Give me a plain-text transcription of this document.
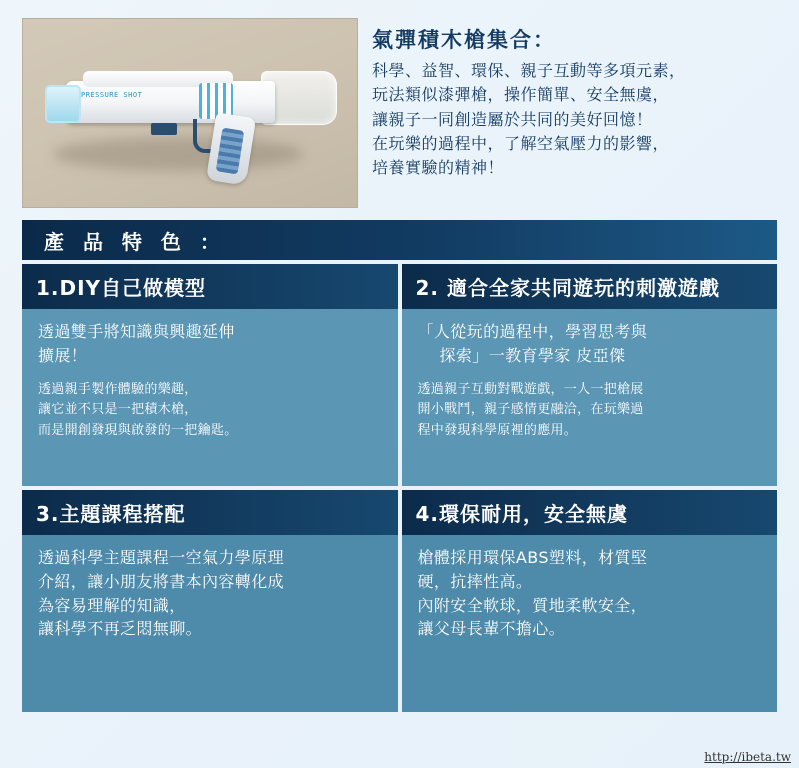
PRESSURE SHOT
氣彈積木槍集合：

科學、益智、環保、親子互動等多項元素，

玩法類似漆彈槍，操作簡單、安全無虞，

讓親子一同創造屬於共同的美好回憶！

在玩樂的過程中，了解空氣壓力的影響，

培養實驗的精神！

產 品 特 色 ：
1.DIY自己做模型

透過雙手將知識與興趣延伸

擴展！

透過親手製作體驗的樂趣，

讓它並不只是一把積木槍，

而是開創發現與啟發的一把鑰匙。

2. 適合全家共同遊玩的刺激遊戲

「人從玩的過程中，學習思考與

探索」一教育學家 皮亞傑

透過親子互動對戰遊戲，一人一把槍展

開小戰鬥，親子感情更融洽，在玩樂過

程中發現科學原裡的應用。

3.主題課程搭配

透過科學主題課程一空氣力學原理

介紹，讓小朋友將書本內容轉化成

為容易理解的知識，

讓科學不再乏悶無聊。

4.環保耐用，安全無虞

槍體採用環保ABS塑料，材質堅

硬，抗摔性高。

內附安全軟球，質地柔軟安全，

讓父母長輩不擔心。

http://ibeta.tw
